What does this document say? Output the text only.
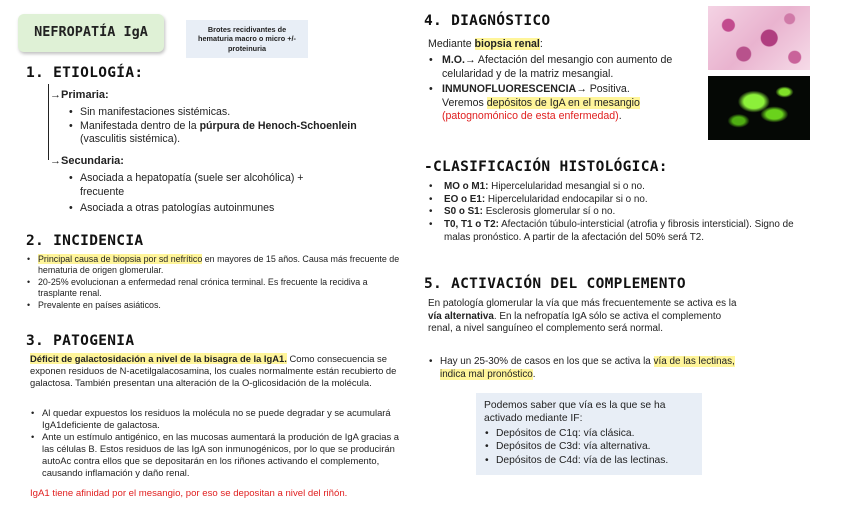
NEFROPATÍA IgA	Brotes recidivantes de hematuria macro o micro +/- proteinuria
1. ETIOLOGÍA:
→Primaria:
• Sin manifestaciones sistémicas.
• Manifestada dentro de la púrpura de Henoch-Schoenlein (vasculitis sistémica).
→Secundaria:
• Asociada a hepatopatía (suele ser alcohólica) + frecuente
• Asociada a otras patologías autoinmunes
2. INCIDENCIA
• Principal causa de biopsia por sd nefrítico en mayores de 15 años. Causa más frecuente de hematuria de origen glomerular.
• 20-25% evolucionan a enfermedad renal crónica terminal. Es frecuente la recidiva a trasplante renal.
• Prevalente en países asiáticos.
3. PATOGENIA
Déficit de galactosidación a nivel de la bisagra de la IgA1. Como consecuencia se exponen residuos de N-acetilgalacosamina, los cuales normalmente están recubierto de galactosa. También presentan una alteración de la O-glicosidación de la molécula.
• Al quedar expuestos los residuos la molécula no se puede degradar y se acumulará IgA1deficiente de galactosa.
• Ante un estímulo antigénico, en las mucosas aumentará la produción de IgA gracias a las células B. Estos residuos de las IgA son inmunogénicos, por lo que se producirán autoAc contra ellos que se depositarán en los riñones activando el complemento, causando inflamación y daño renal.
IgA1 tiene afinidad por el mesangio, por eso se depositan a nivel del riñón.
4. DIAGNÓSTICO
Mediante biopsia renal:
• M.O.→ Afectación del mesangio con aumento de celularidad y de la matriz mesangial.
• INMUNOFLUORESCENCIA→ Positiva.
Veremos depósitos de IgA en el mesangio
(patognomónico de esta enfermedad).
-CLASIFICACIÓN HISTOLÓGICA:
• MO o M1: Hipercelularidad mesangial si o no.
• EO o E1: Hipercelularidad endocapilar si o no.
• S0 o S1: Esclerosis glomerular sí o no.
• T0, T1 o T2: Afectación túbulo-intersticial (atrofia y fibrosis intersticial). Signo de malas pronóstico. A partir de la afectación del 50% será T2.
5. ACTIVACIÓN DEL COMPLEMENTO
En patología glomerular la vía que más frecuentemente se activa es la vía alternativa. En la nefropatía IgA sólo se activa el complemento renal, a nivel sanguíneo el complemento será normal.
• Hay un 25-30% de casos en los que se activa la vía de las lectinas, indica mal pronóstico.
Podemos saber que vía es la que se ha activado mediante IF:
• Depósitos de C1q: vía clásica.
• Depósitos de C3d: vía alternativa.
• Depósitos de C4d: vía de las lectinas.
